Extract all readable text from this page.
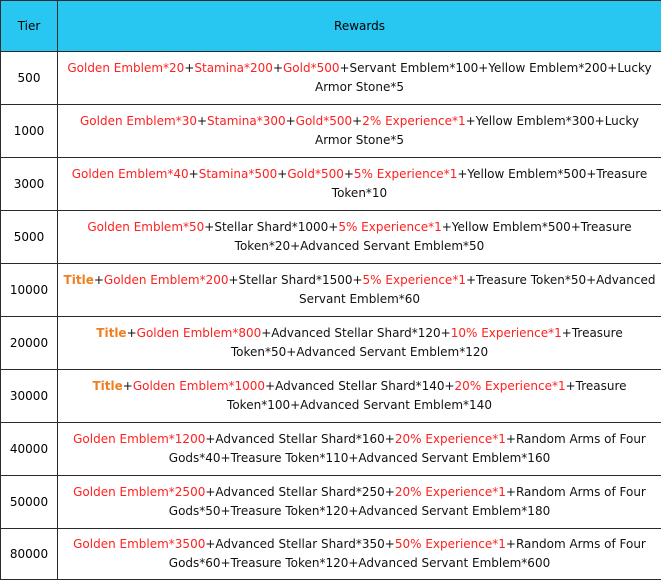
Tier	Rewards
500	Golden Emblem*20+Stamina*200+Gold*500+Servant Emblem*100+Yellow Emblem*200+Lucky Armor Stone*5
1000	Golden Emblem*30+Stamina*300+Gold*500+2% Experience*1+Yellow Emblem*300+Lucky Armor Stone*5
3000	Golden Emblem*40+Stamina*500+Gold*500+5% Experience*1+Yellow Emblem*500+Treasure Token*10
5000	Golden Emblem*50+Stellar Shard*1000+5% Experience*1+Yellow Emblem*500+Treasure Token*20+Advanced Servant Emblem*50
10000	Title+Golden Emblem*200+Stellar Shard*1500+5% Experience*1+Treasure Token*50+Advanced Servant Emblem*60
20000	Title+Golden Emblem*800+Advanced Stellar Shard*120+10% Experience*1+Treasure Token*50+Advanced Servant Emblem*120
30000	Title+Golden Emblem*1000+Advanced Stellar Shard*140+20% Experience*1+Treasure Token*100+Advanced Servant Emblem*140
40000	Golden Emblem*1200+Advanced Stellar Shard*160+20% Experience*1+Random Arms of Four Gods*40+Treasure Token*110+Advanced Servant Emblem*160
50000	Golden Emblem*2500+Advanced Stellar Shard*250+20% Experience*1+Random Arms of Four Gods*50+Treasure Token*120+Advanced Servant Emblem*180
80000	Golden Emblem*3500+Advanced Stellar Shard*350+50% Experience*1+Random Arms of Four Gods*60+Treasure Token*120+Advanced Servant Emblem*600
